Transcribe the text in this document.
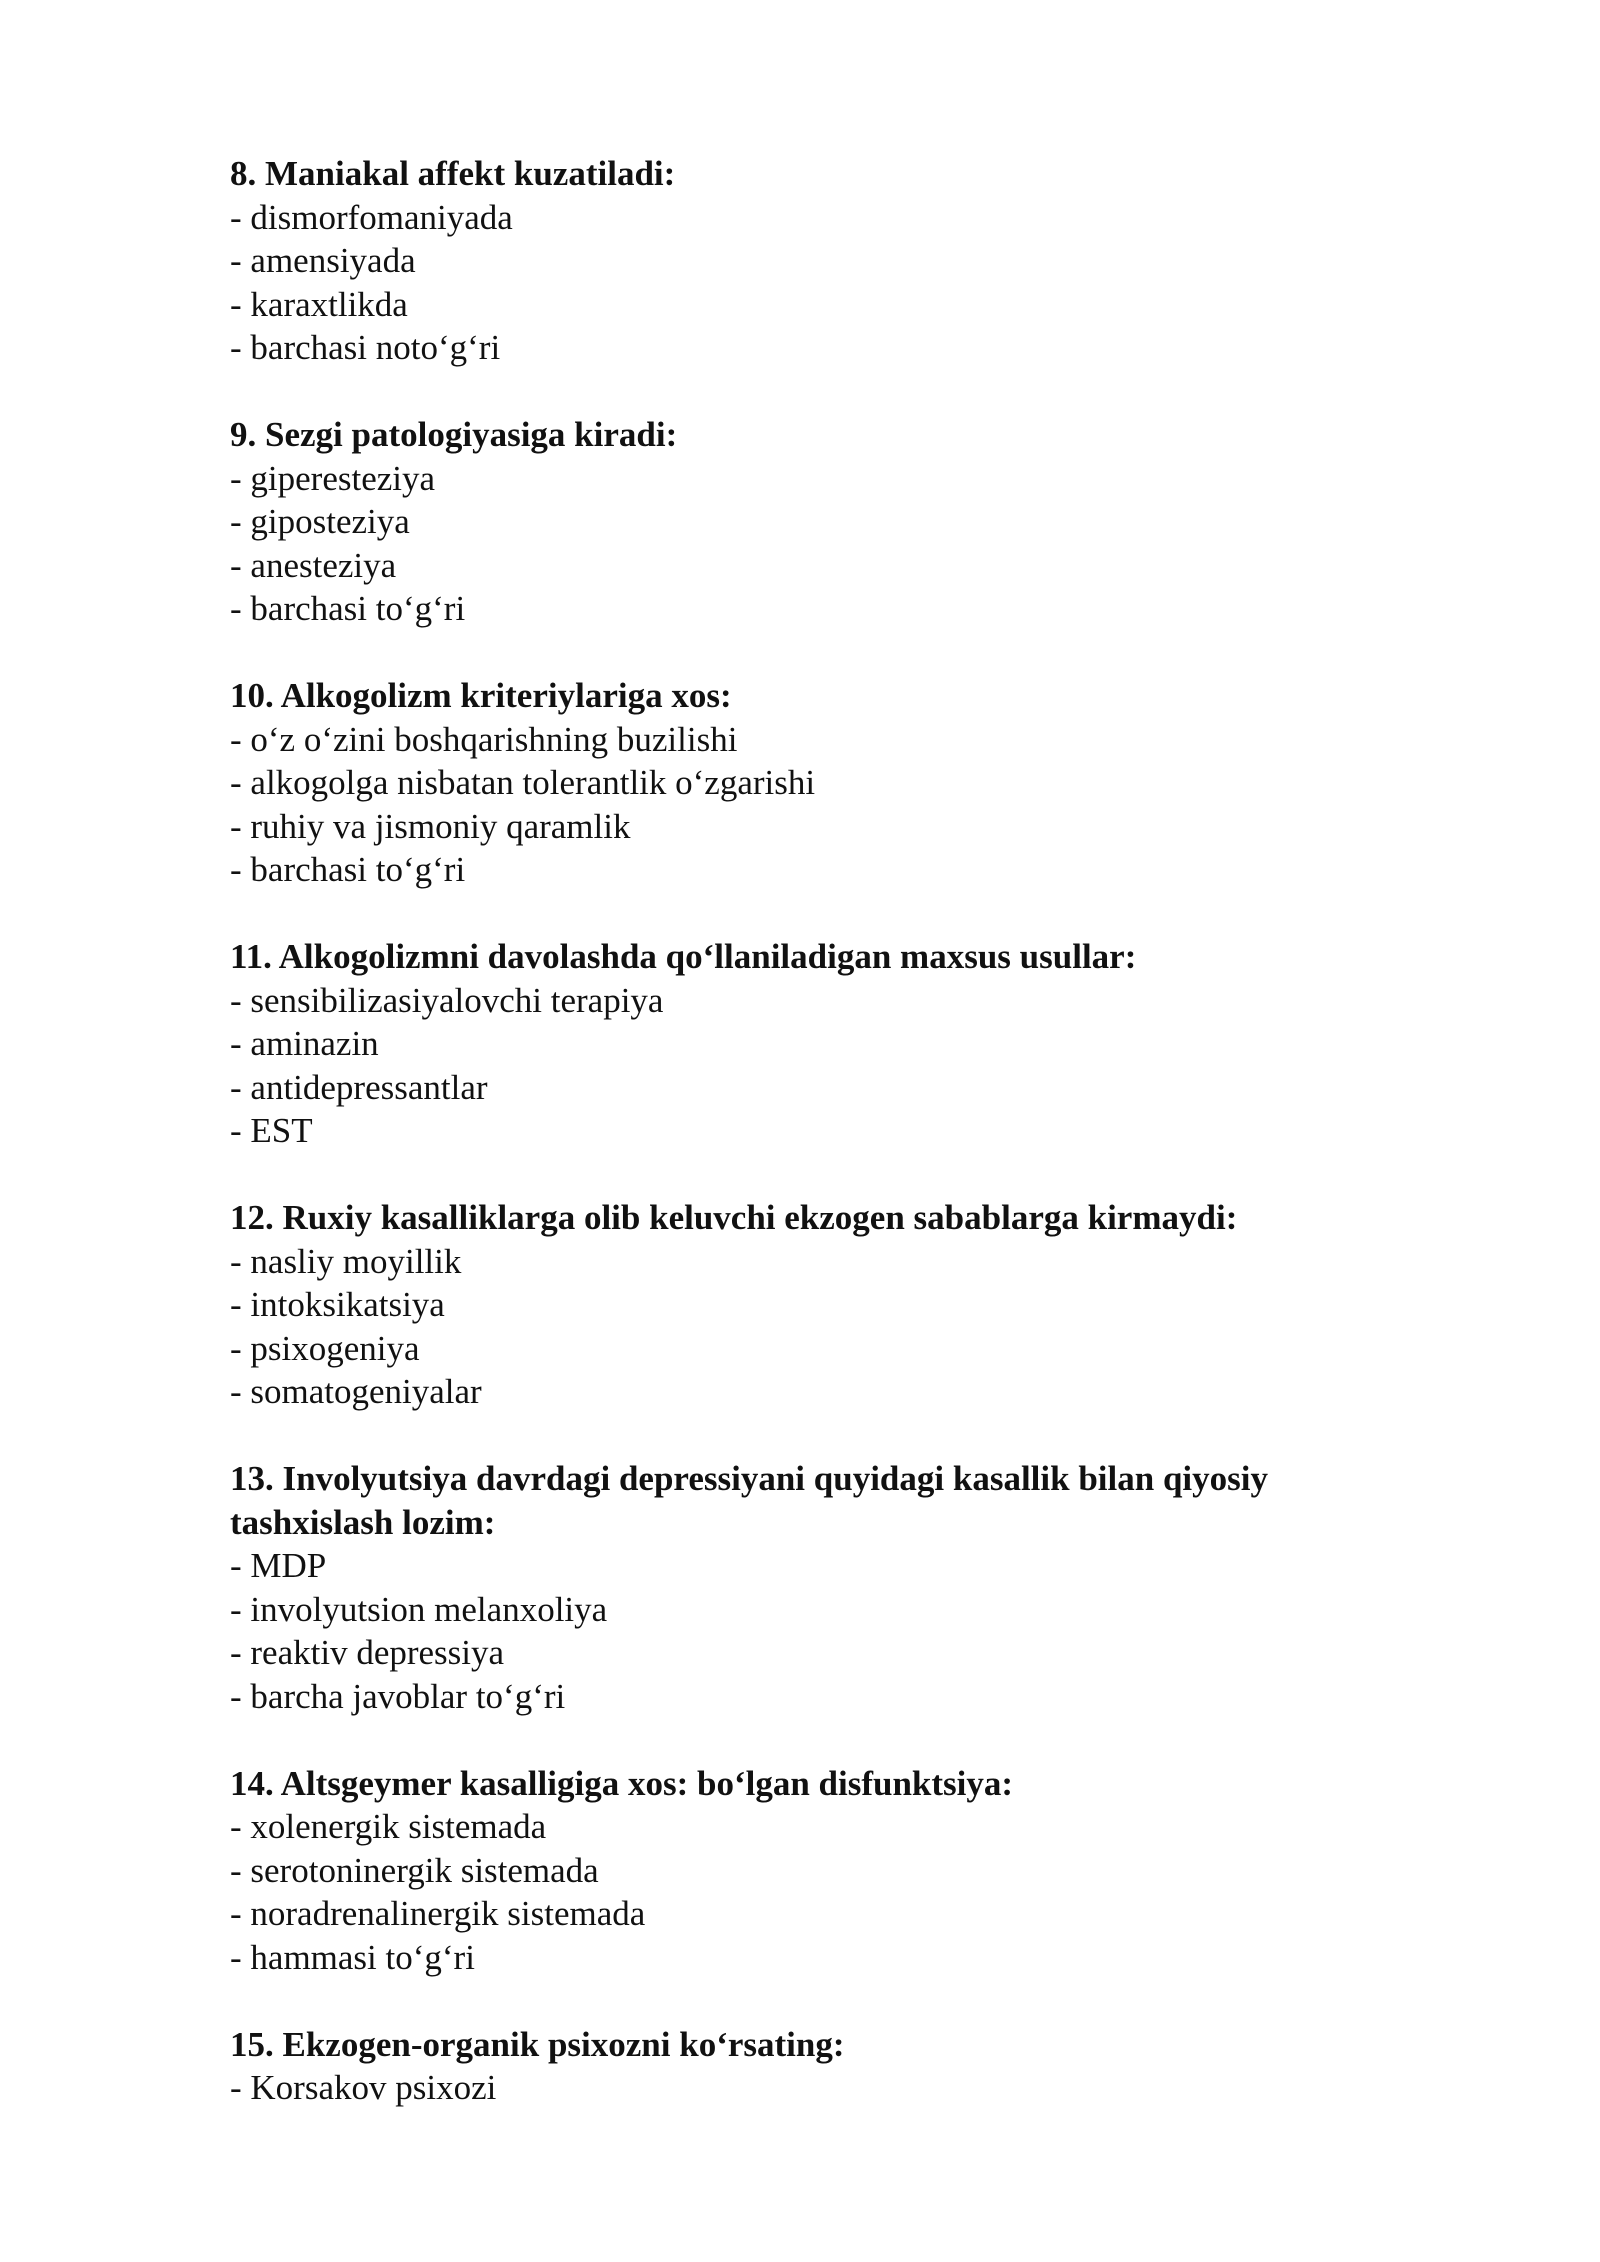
8. Maniakal affekt kuzatiladi:

- dismorfomaniyada

- amensiyada

- karaxtlikda

- barchasi noto‘g‘ri

9. Sezgi patologiyasiga kiradi:

- giperesteziya

- giposteziya

- anesteziya

- barchasi to‘g‘ri

10. Alkogolizm kriteriylariga xos:

- o‘z o‘zini boshqarishning buzilishi

- alkogolga nisbatan tolerantlik o‘zgarishi

- ruhiy va jismoniy qaramlik

- barchasi to‘g‘ri

11. Alkogolizmni davolashda qo‘llaniladigan maxsus usullar:

- sensibilizasiyalovchi terapiya

- aminazin

- antidepressantlar

- EST

12. Ruxiy kasalliklarga olib keluvchi ekzogen sabablarga kirmaydi:

- nasliy moyillik

- intoksikatsiya

- psixogeniya

- somatogeniyalar

13. Involyutsiya davrdagi depressiyani quyidagi kasallik bilan qiyosiy tashxislash lozim:

- MDP

- involyutsion melanxoliya

- reaktiv depressiya

- barcha javoblar to‘g‘ri

14. Altsgeymer kasalligiga xos: bo‘lgan disfunktsiya:

- xolenergik sistemada

- serotoninergik sistemada

- noradrenalinergik sistemada

- hammasi to‘g‘ri

15. Ekzogen-organik psixozni ko‘rsating:

- Korsakov psixozi
